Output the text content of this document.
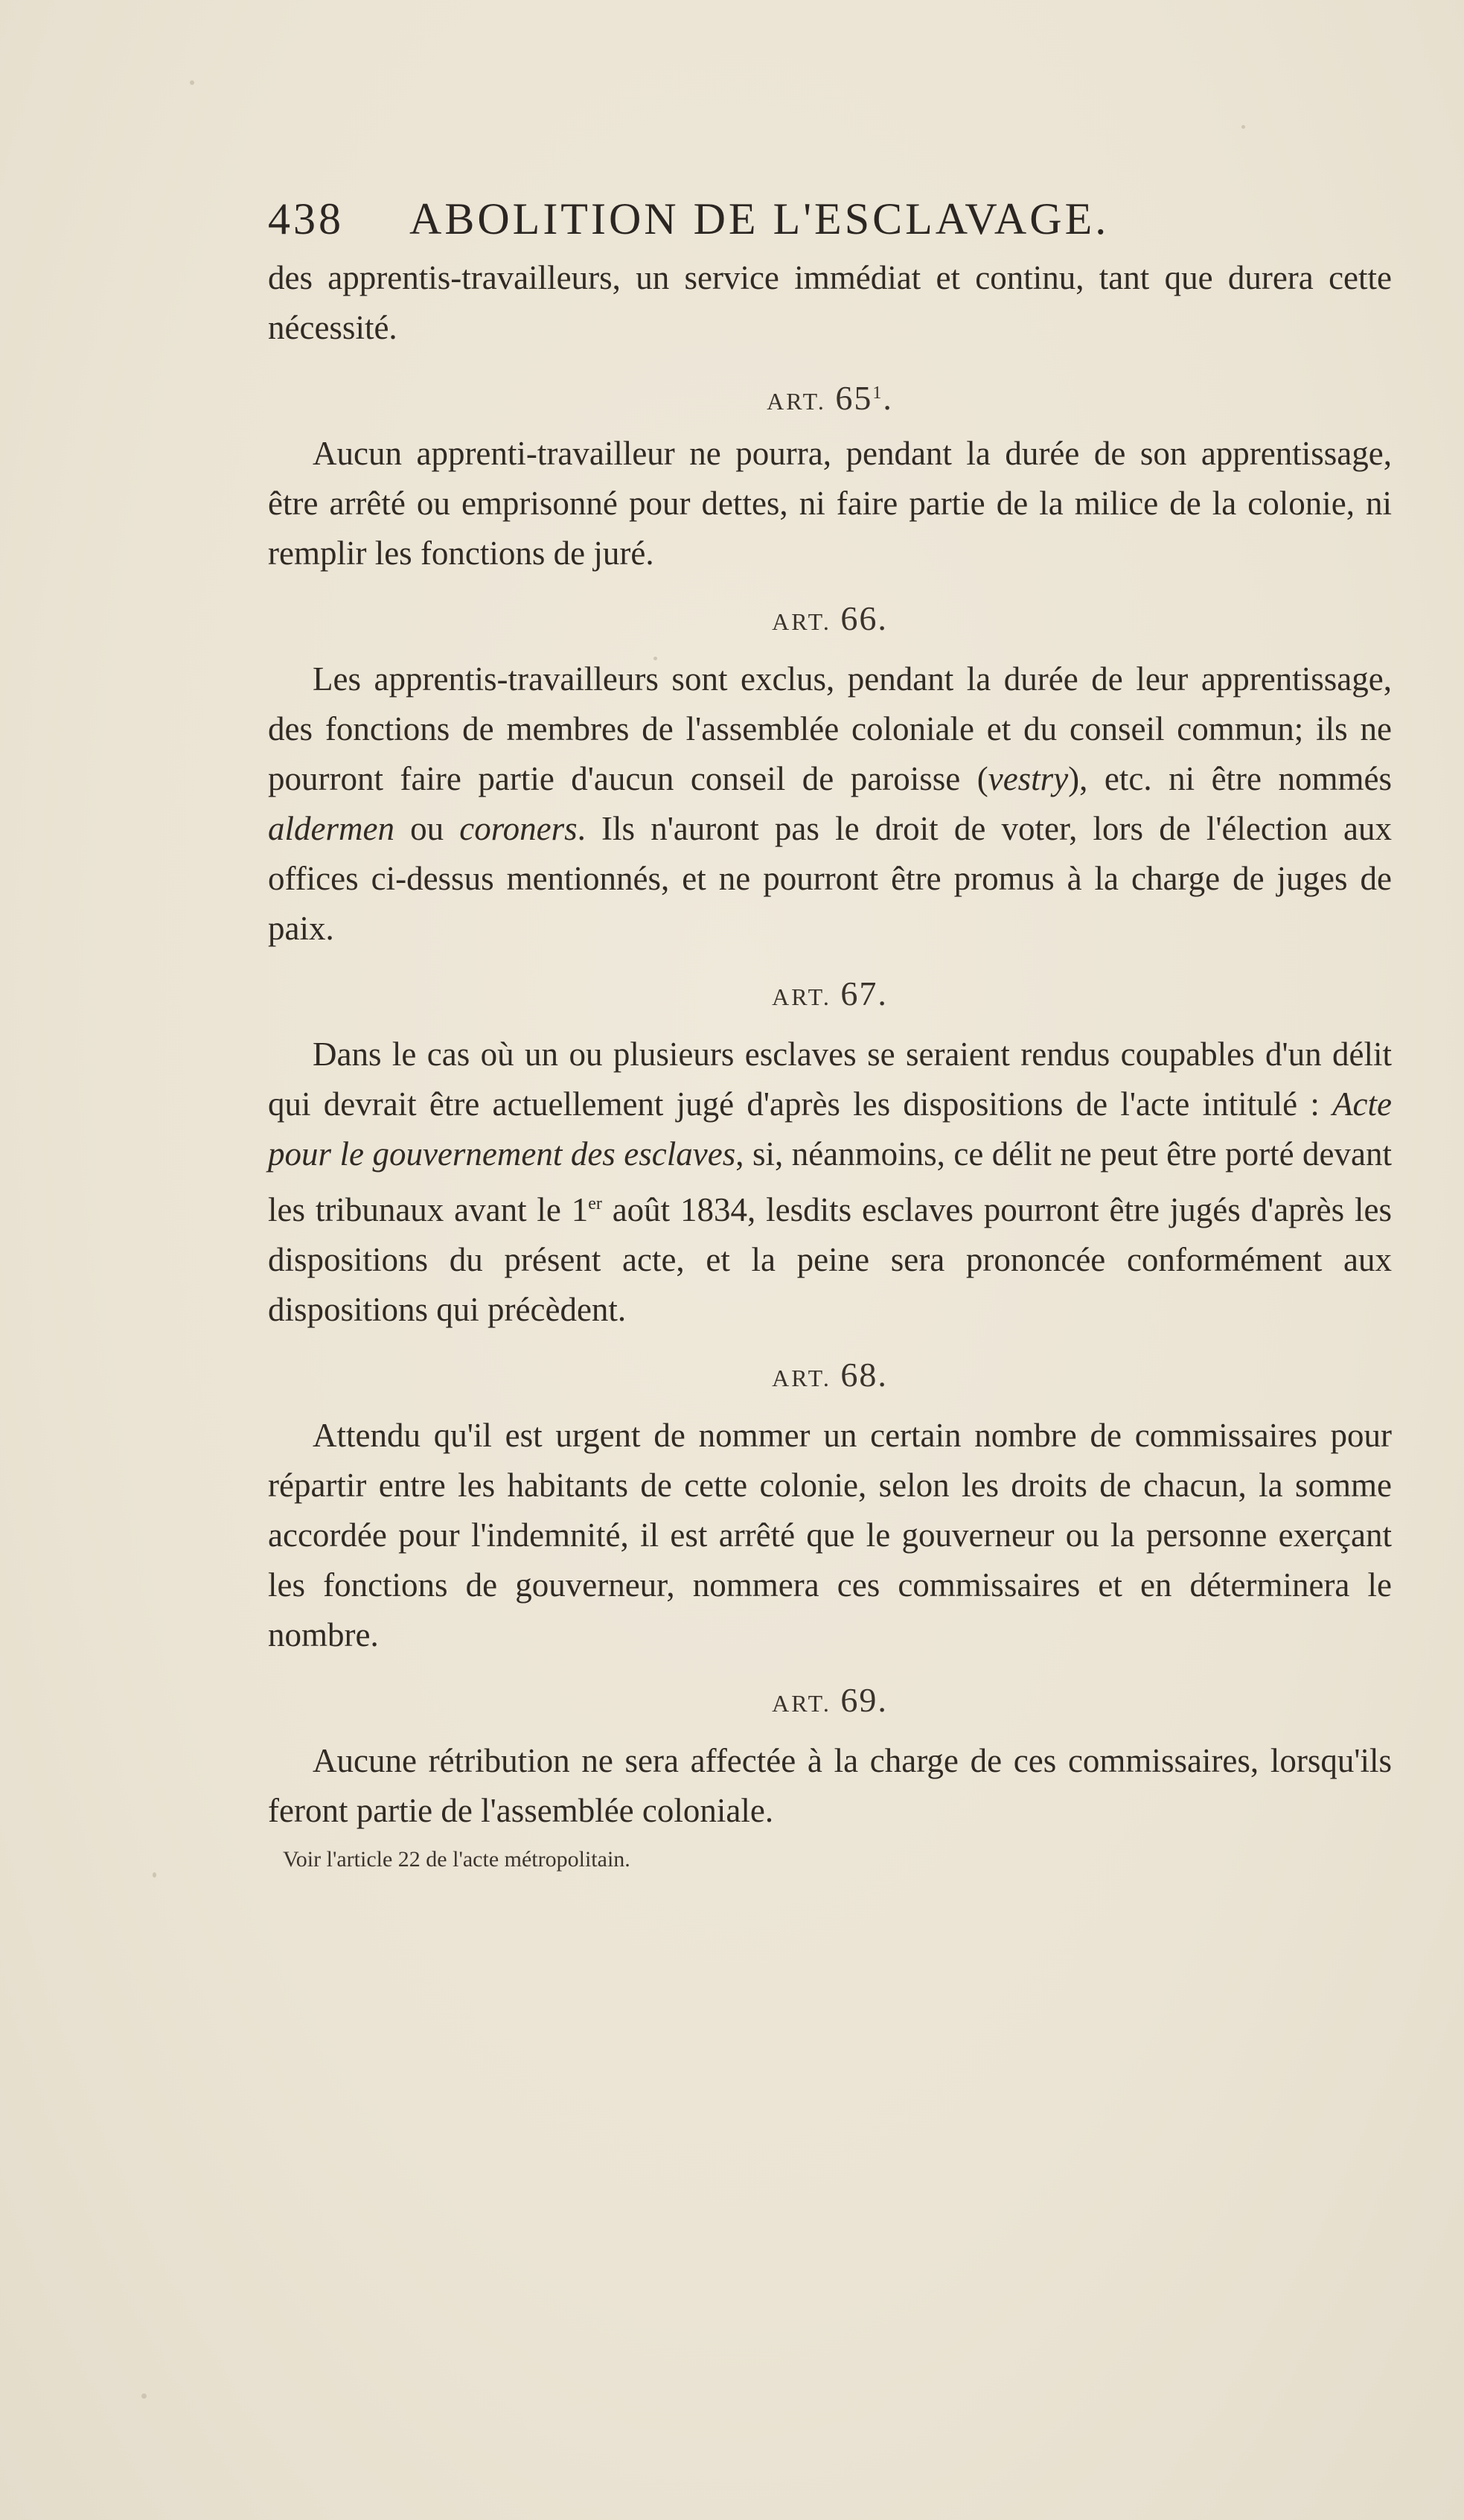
438	ABOLITION DE L'ESCLAVAGE.

des apprentis-travailleurs, un service immédiat et continu, tant que durera cette nécessité.

ART. $65^1$.

Aucun apprenti-travailleur ne pourra, pendant la durée de son apprentissage, être arrêté ou emprisonné pour dettes, ni faire partie de la milice de la colonie, ni remplir les fonctions de juré.

ART. 66.

Les apprentis-travailleurs sont exclus, pendant la durée de leur apprentissage, des fonctions de membres de l'assemblée coloniale et du conseil commun; ils ne pourront faire partie d'aucun conseil de paroisse (vestry), etc. ni être nommés aldermen ou coroners. Ils n'auront pas le droit de voter, lors de l'élection aux offices ci-dessus mentionnés, et ne pourront être promus à la charge de juges de paix.

ART. 67.

Dans le cas où un ou plusieurs esclaves se seraient rendus coupables d'un délit qui devrait être actuellement jugé d'après les dispositions de l'acte intitulé : Acte pour le gouvernement des esclaves, si, néanmoins, ce délit ne peut être porté devant les tribunaux avant le 1er août 1834, lesdits esclaves pourront être jugés d'après les dispositions du présent acte, et la peine sera prononcée conformément aux dispositions qui précèdent.

ART. 68.

Attendu qu'il est urgent de nommer un certain nombre de commissaires pour répartir entre les habitants de cette colonie, selon les droits de chacun, la somme accordée pour l'indemnité, il est arrêté que le gouverneur ou la personne exerçant les fonctions de gouverneur, nommera ces commissaires et en déterminera le nombre.

ART. 69.

Aucune rétribution ne sera affectée à la charge de ces commissaires, lorsqu'ils feront partie de l'assemblée coloniale.

Voir l'article 22 de l'acte métropolitain.
